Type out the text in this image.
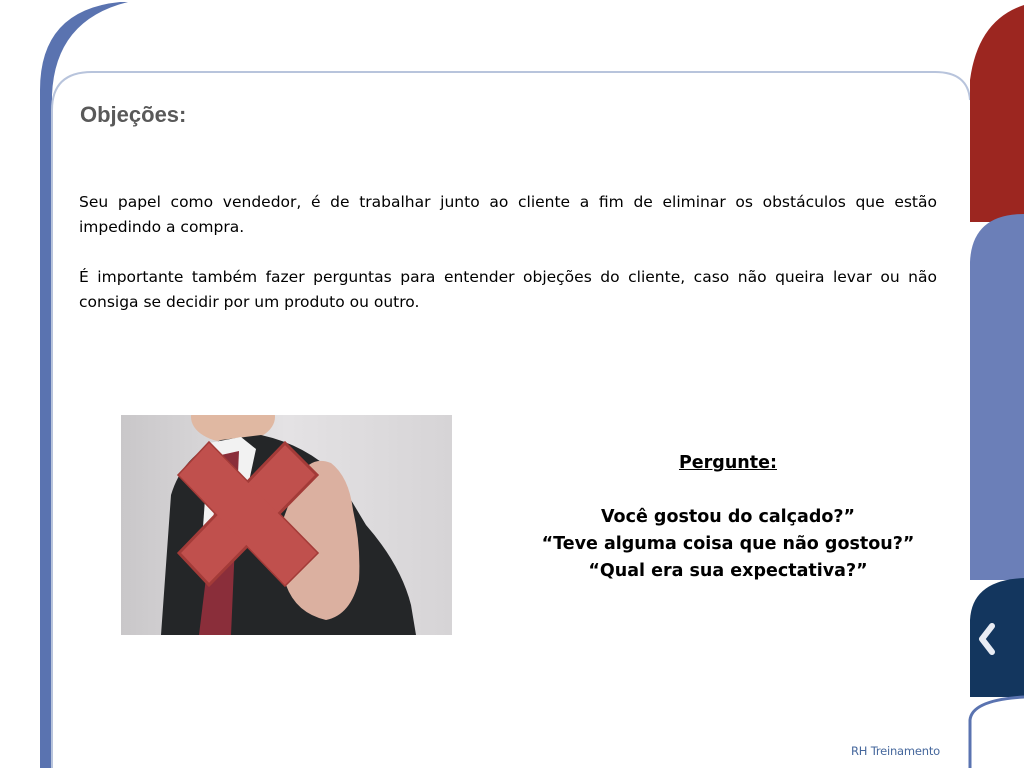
Objeções:

Seu papel como vendedor, é de trabalhar junto ao cliente a fim de eliminar os obstáculos que estão impedindo a compra.

É importante também fazer perguntas para entender objeções do cliente, caso não queira levar ou não consiga se decidir por um produto ou outro.

Pergunte:
Você gostou do calçado?”
“Teve alguma coisa que não gostou?”
“Qual era sua expectativa?”
RH Treinamento
